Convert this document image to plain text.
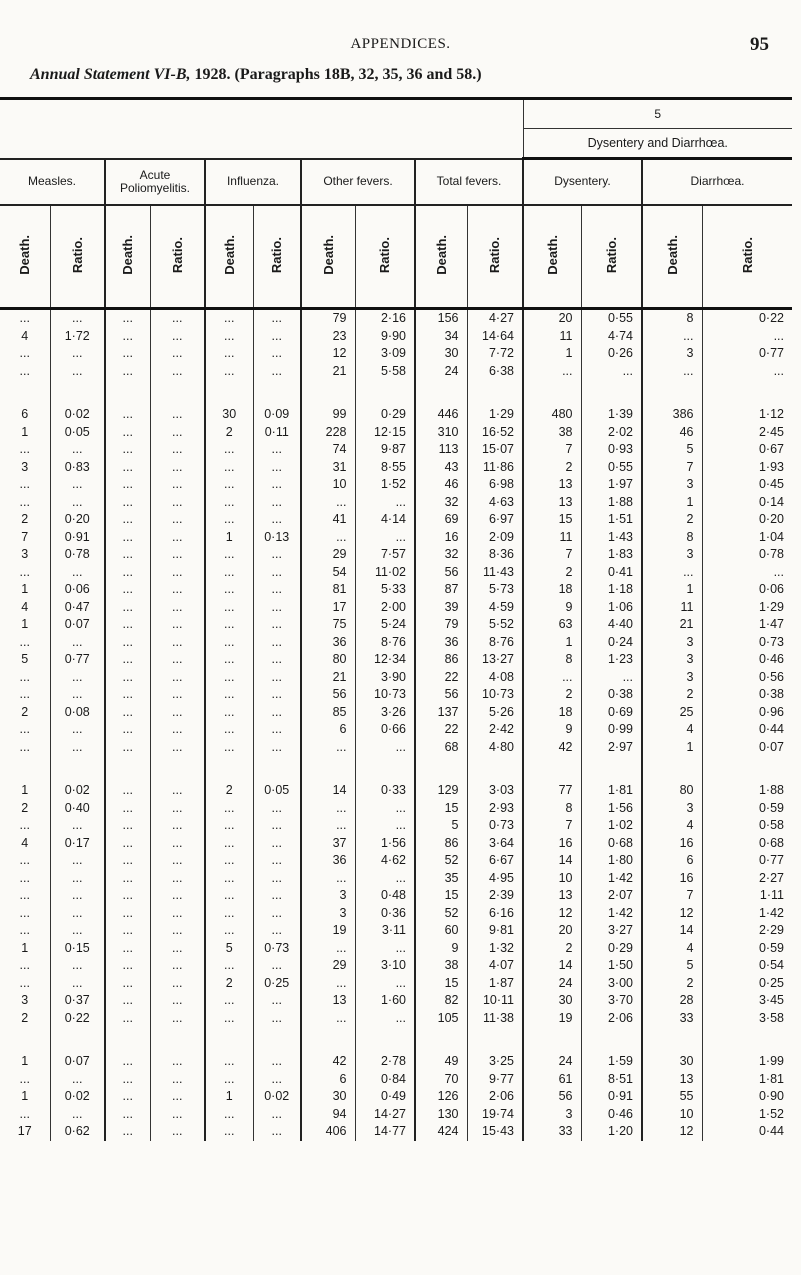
APPENDICES.	95
Annual Statement VI-B, 1928. (Paragraphs 18B, 32, 35, 36 and 58.)
										5			
										Dysentery and Diarrhœa.			
Measles.		Acute Poliomyelitis.		Influenza.		Other fevers.		Total fevers.		Dysentery.		Diarrhœa.	
Death.	Ratio.	Death.	Ratio.	Death.	Ratio.	Death.	Ratio.	Death.	Ratio.	Death.	Ratio.	Death.	Ratio.
...	...	...	...	...	...	79	2·16	156	4·27	20	0·55	8	0·22
4	1·72	...	...	...	...	23	9·90	34	14·64	11	4·74	...	...
...	...	...	...	...	...	12	3·09	30	7·72	1	0·26	3	0·77
...	...	...	...	...	...	21	5·58	24	6·38	...	...	...	...

6	0·02	...	...	30	0·09	99	0·29	446	1·29	480	1·39	386	1·12
1	0·05	...	...	2	0·11	228	12·15	310	16·52	38	2·02	46	2·45
...	...	...	...	...	...	74	9·87	113	15·07	7	0·93	5	0·67
3	0·83	...	...	...	...	31	8·55	43	11·86	2	0·55	7	1·93
...	...	...	...	...	...	10	1·52	46	6·98	13	1·97	3	0·45
...	...	...	...	...	...	...	...	32	4·63	13	1·88	1	0·14
2	0·20	...	...	...	...	41	4·14	69	6·97	15	1·51	2	0·20
7	0·91	...	...	1	0·13	...	...	16	2·09	11	1·43	8	1·04
3	0·78	...	...	...	...	29	7·57	32	8·36	7	1·83	3	0·78
...	...	...	...	...	...	54	11·02	56	11·43	2	0·41	...	...
1	0·06	...	...	...	...	81	5·33	87	5·73	18	1·18	1	0·06
4	0·47	...	...	...	...	17	2·00	39	4·59	9	1·06	11	1·29
1	0·07	...	...	...	...	75	5·24	79	5·52	63	4·40	21	1·47
...	...	...	...	...	...	36	8·76	36	8·76	1	0·24	3	0·73
5	0·77	...	...	...	...	80	12·34	86	13·27	8	1·23	3	0·46
...	...	...	...	...	...	21	3·90	22	4·08	...	...	3	0·56
...	...	...	...	...	...	56	10·73	56	10·73	2	0·38	2	0·38
2	0·08	...	...	...	...	85	3·26	137	5·26	18	0·69	25	0·96
...	...	...	...	...	...	6	0·66	22	2·42	9	0·99	4	0·44
...	...	...	...	...	...	...	...	68	4·80	42	2·97	1	0·07

1	0·02	...	...	2	0·05	14	0·33	129	3·03	77	1·81	80	1·88
2	0·40	...	...	...	...	...	...	15	2·93	8	1·56	3	0·59
...	...	...	...	...	...	...	...	5	0·73	7	1·02	4	0·58
4	0·17	...	...	...	...	37	1·56	86	3·64	16	0·68	16	0·68
...	...	...	...	...	...	36	4·62	52	6·67	14	1·80	6	0·77
...	...	...	...	...	...	...	...	35	4·95	10	1·42	16	2·27
...	...	...	...	...	...	3	0·48	15	2·39	13	2·07	7	1·11
...	...	...	...	...	...	3	0·36	52	6·16	12	1·42	12	1·42
...	...	...	...	...	...	19	3·11	60	9·81	20	3·27	14	2·29
1	0·15	...	...	5	0·73	...	...	9	1·32	2	0·29	4	0·59
...	...	...	...	...	...	29	3·10	38	4·07	14	1·50	5	0·54
...	...	...	...	2	0·25	...	...	15	1·87	24	3·00	2	0·25
3	0·37	...	...	...	...	13	1·60	82	10·11	30	3·70	28	3·45
2	0·22	...	...	...	...	...	...	105	11·38	19	2·06	33	3·58

1	0·07	...	...	...	...	42	2·78	49	3·25	24	1·59	30	1·99
...	...	...	...	...	...	6	0·84	70	9·77	61	8·51	13	1·81
1	0·02	...	...	1	0·02	30	0·49	126	2·06	56	0·91	55	0·90
...	...	...	...	...	...	94	14·27	130	19·74	3	0·46	10	1·52
17	0·62	...	...	...	...	406	14·77	424	15·43	33	1·20	12	0·44
